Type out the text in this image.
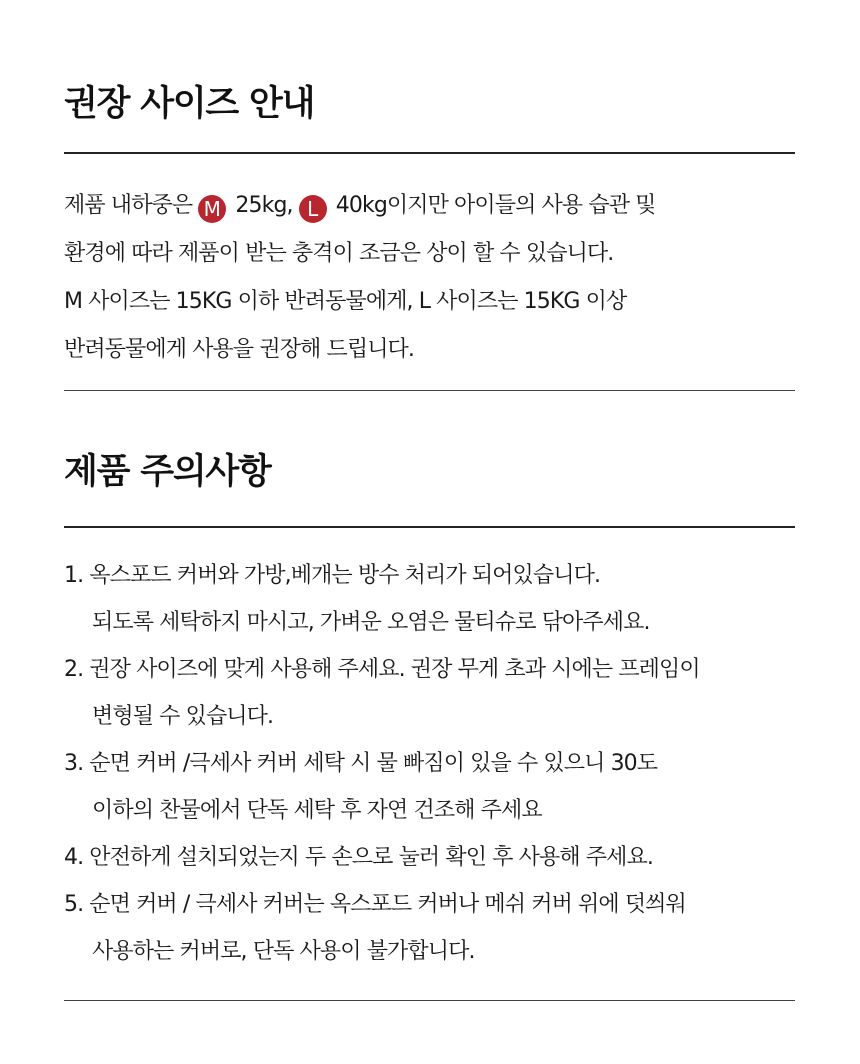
권장 사이즈 안내
제품 내하중은 M 25kg, L 40kg이지만 아이들의 사용 습관 및
환경에 따라 제품이 받는 충격이 조금은 상이 할 수 있습니다.
M 사이즈는 15KG 이하 반려동물에게, L 사이즈는 15KG 이상
반려동물에게 사용을 권장해 드립니다.
제품 주의사항
1. 옥스포드 커버와 가방,베개는 방수 처리가 되어있습니다.
되도록 세탁하지 마시고, 가벼운 오염은 물티슈로 닦아주세요.
2. 권장 사이즈에 맞게 사용해 주세요. 권장 무게 초과 시에는 프레임이
변형될 수 있습니다.
3. 순면 커버 /극세사 커버 세탁 시 물 빠짐이 있을 수 있으니 30도
이하의 찬물에서 단독 세탁 후 자연 건조해 주세요
4. 안전하게 설치되었는지 두 손으로 눌러 확인 후 사용해 주세요.
5. 순면 커버 / 극세사 커버는 옥스포드 커버나 메쉬 커버 위에 덧씌워
사용하는 커버로, 단독 사용이 불가합니다.
